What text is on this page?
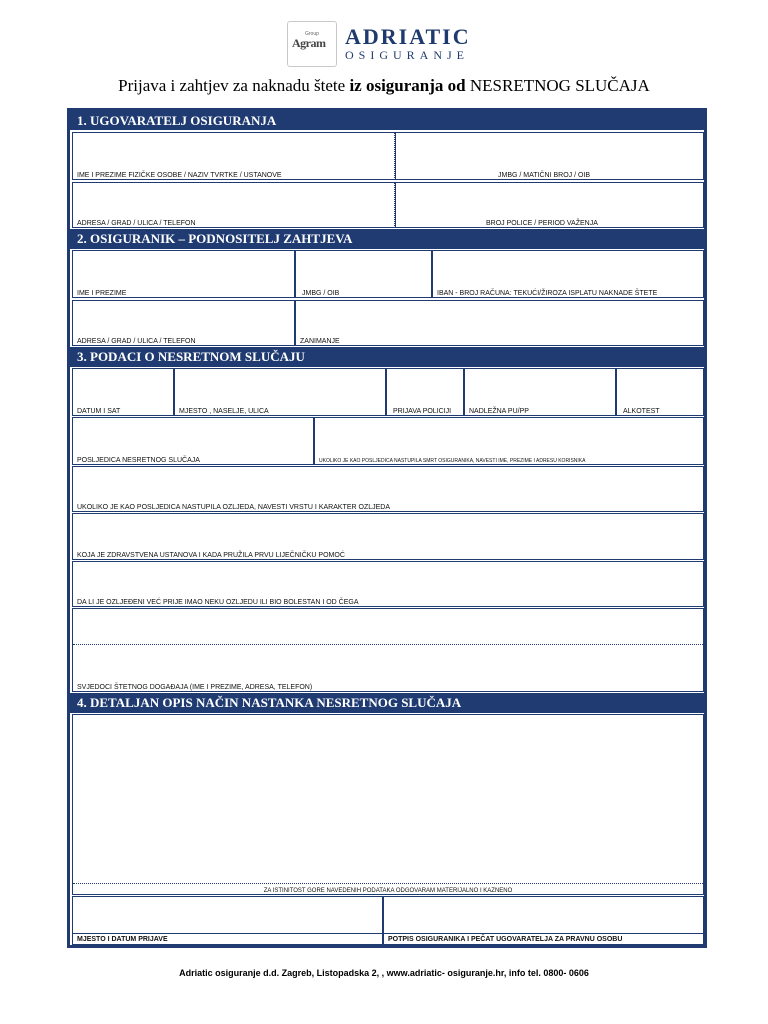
Group
Agram ADRIATIC
OSIGURANJE
Prijava i zahtjev za naknadu štete iz osiguranja od NESRETNOG SLUČAJA
1. UGOVARATELJ OSIGURANJA
IME I PREZIME FIZIČKE OSOBE / NAZIV TVRTKE / USTANOVE	JMBG / MATIČNI BROJ / OIB
ADRESA / GRAD / ULICA / TELEFON	BROJ POLICE / PERIOD VAŽENJA
2. OSIGURANIK – PODNOSITELJ ZAHTJEVA
IME I PREZIME	JMBG / OIB	IBAN - BROJ RAČUNA: TEKUĆI/ŽIROZA ISPLATU NAKNADE ŠTETE
ADRESA / GRAD / ULICA / TELEFON	ZANIMANJE
3. PODACI O NESRETNOM SLUČAJU
DATUM I SAT	MJESTO , NASELJE, ULICA	PRIJAVA POLICIJI	NADLEŽNA PU/PP	ALKOTEST
POSLJEDICA NESRETNOG SLUČAJA	UKOLIKO JE KAO POSLJEDICA NASTUPILA SMRT OSIGURANIKA, NAVESTI IME, PREZIME I ADRESU KORISNIKA
UKOLIKO JE KAO POSLJEDICA NASTUPILA OZLJEDA, NAVESTI VRSTU I KARAKTER OZLJEDA
KOJA JE ZDRAVSTVENA USTANOVA I KADA PRUŽILA PRVU LIJEČNIČKU POMOĆ
DA LI JE OZLJEĐENI VEĆ PRIJE IMAO NEKU OZLJEDU ILI BIO BOLESTAN I OD ČEGA
SVJEDOCI ŠTETNOG DOGAĐAJA (IME I PREZIME, ADRESA, TELEFON)
4. DETALJAN OPIS NAČIN NASTANKA NESRETNOG SLUČAJA
ZA ISTINITOST GORE NAVEDENIH PODATAKA ODGOVARAM MATERIJALNO I KAZNENO
MJESTO I DATUM PRIJAVE	POTPIS OSIGURANIKA I PEČAT UGOVARATELJA ZA PRAVNU OSOBU
Adriatic osiguranje d.d. Zagreb, Listopadska 2, , www.adriatic- osiguranje.hr, info tel. 0800- 0606
